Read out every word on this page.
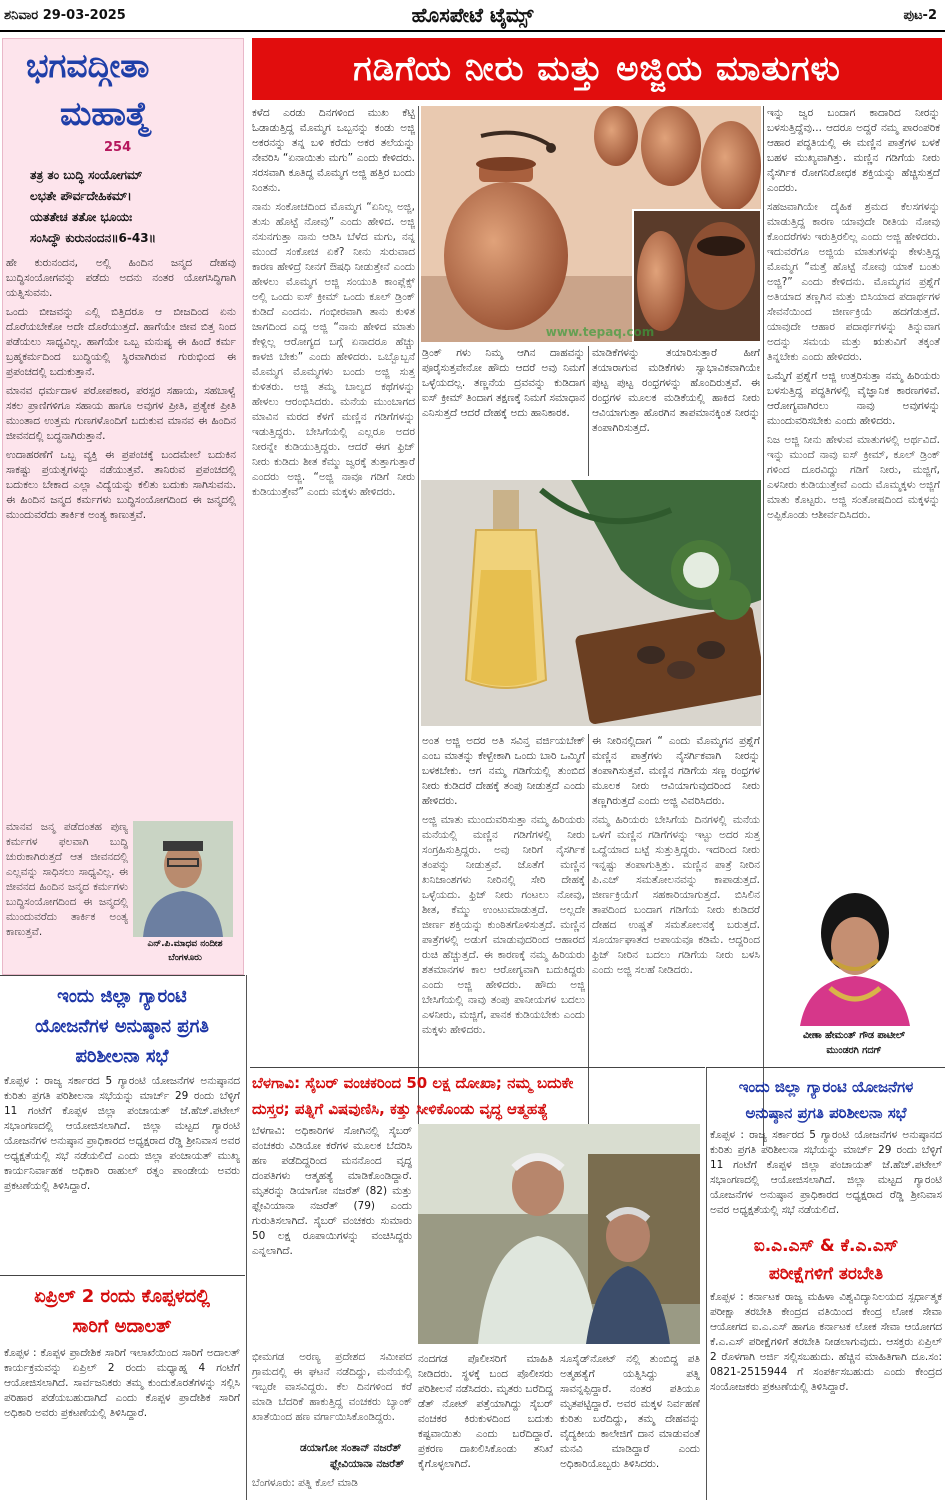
ಶನಿವಾರ 29-03-2025	ಹೊಸಪೇಟೆ ಟೈಮ್ಸ್	ಪುಟ-2
ಭಗವದ್ಗೀತಾ
ಮಹಾತ್ಮೆ
254
ತತ್ರ ತಂ ಬುದ್ಧಿ ಸಂಯೋಗಮ್
ಲಭತೇ ಪೌರ್ವದೇಹಿಕಮ್।
ಯತತೇಚ ತತೋ ಭೂಯಃ
ಸಂಸಿದ್ಧೌ ಕುರುನಂದನ॥6-43॥

ಹೇ ಕುರುನಂದನ, ಅಲ್ಲಿ ಹಿಂದಿನ ಜನ್ಮದ ದೇಹವು ಬುದ್ಧಿಸಂಯೋಗವನ್ನು ಪಡೆದು ಅದನು ನಂತರ ಯೋಗಸಿದ್ಧಿಗಾಗಿ ಯತ್ನಿಸುವನು.

ಒಂದು ಬೀಜವನ್ನು ಎಲ್ಲಿ ಬಿತ್ತಿದರೂ ಆ ಬೀಜದಿಂದ ಏನು ದೊರೆಯಬೇಕೋ ಅದೇ ದೊರೆಯುತ್ತದೆ. ಹಾಗೆಯೇ ಜೀವ ಬಿತ್ತ ನಿಂದ ಪಡೆಯಲು ಸಾಧ್ಯವಿಲ್ಲ. ಹಾಗೆಯೇ ಒಬ್ಬ ಮನುಷ್ಯ ಈ ಹಿಂದೆ ಕರ್ಮ ಬ್ರಹ್ಮಕರ್ಮದಿಂದ ಬುದ್ಧಿಯಲ್ಲಿ ಸ್ಥಿರವಾಗಿರುವ ಗುರುಭಿಂದ ಈ ಪ್ರಪಂಚದಲ್ಲಿ ಬದುಕುತ್ತಾನೆ.

ಮಾನವ ಧರ್ಮದಾಳ ಪರೋಪಕಾರ, ಪರಸ್ಪರ ಸಹಾಯ, ಸಹಬಾಳ್ವೆ ಸಕಲ ಪ್ರಾಣಿಗಳಿಗೂ ಸಹಾಯ ಹಾಗೂ ಅವುಗಳ ಪ್ರೀತಿ, ಪ್ರತ್ಯೇಕ ಪ್ರೀತಿ ಮುಂತಾದ ಉತ್ತಮ ಗುಣಗಳೊಂದಿಗೆ ಬದುಕುವ ಮಾನವ ಈ ಹಿಂದಿನ ಜೀವನದಲ್ಲಿ ಬದ್ಧನಾಗಿರುತ್ತಾನೆ.

ಉದಾಹರಣೆಗೆ ಒಬ್ಬ ವ್ಯಕ್ತಿ ಈ ಪ್ರಪಂಚಕ್ಕೆ ಬಂದಮೇಲೆ ಬದುಕಿನ ಸಾಕಷ್ಟು ಪ್ರಯತ್ನಗಳನ್ನು ನಡೆಯುತ್ತವೆ. ತಾನಿರುವ ಪ್ರಪಂಚದಲ್ಲಿ ಬದುಕಲು ಬೇಕಾದ ಎಲ್ಲಾ ವಿದ್ಯೆಯನ್ನು ಕಲಿತು ಬದುಕು ಸಾಗಿಸುವನು. ಈ ಹಿಂದಿನ ಜನ್ಮದ ಕರ್ಮಗಳು ಬುದ್ಧಿಸಂಯೋಗದಿಂದ ಈ ಜನ್ಮದಲ್ಲಿ ಮುಂದುವರೆದು ತಾರ್ಕಿಕ ಅಂತ್ಯ ಕಾಣುತ್ತವೆ.

ಮಾನವ ಜನ್ಮ ಪಡೆದಂತಹ ಪುಣ್ಯ ಕರ್ಮಗಳ ಫಲವಾಗಿ ಬುದ್ಧಿ ಚುರುಕಾಗಿರುತ್ತದೆ ಆತ ಜೀವನದಲ್ಲಿ ಎಲ್ಲವನ್ನು ಸಾಧಿಸಲು ಸಾಧ್ಯವಿಲ್ಲ. ಈ ಜೀವನದ ಹಿಂದಿನ ಜನ್ಮದ ಕರ್ಮಗಳು ಬುದ್ಧಿಸಂಯೋಗದಿಂದ ಈ ಜನ್ಮದಲ್ಲಿ ಮುಂದುವರೆದು ತಾರ್ಕಿಕ ಅಂತ್ಯ ಕಾಣುತ್ತವೆ.
ಎನ್.ಪಿ.ಮಾಧವ ನಂದೀಶ
ಬೆಂಗಳೂರು
ಗಡಿಗೆಯ ನೀರು ಮತ್ತು ಅಜ್ಜಿಯ ಮಾತುಗಳು

ಕಳೆದ ಎರಡು ದಿನಗಳಿಂದ ಮುಖ ಕೆಟ್ಟಿ ಓಡಾಡುತ್ತಿದ್ದ ಮೊಮ್ಮಗ ಒಬ್ಬನನ್ನು ಕಂಡು ಅಜ್ಜಿ ಅಕರನನ್ನು ತನ್ನ ಬಳಿ ಕರೆದು ಅಕರ ತಲೆಯನ್ನು ನೇವರಿಸಿ “ಏನಾಯಿತು ಮಗು” ಎಂದು ಕೇಳಿದರು. ಸರಸವಾಗಿ ಕೂತಿದ್ದ ಮೊಮ್ಮಗ ಅಜ್ಜಿ ಹತ್ತಿರ ಬಂದು ನಿಂತನು.

ನಾನು ಸಂಕೋಚದಿಂದ ಮೊಮ್ಮಗ “ಏನಿಲ್ಲ ಅಜ್ಜಿ, ತುಸು ಹೊಟ್ಟೆ ನೋವು” ಎಂದು ಹೇಳಿದ. ಅಜ್ಜಿ ನಸುನಗುತ್ತಾ ನಾನು ಆಡಿಸಿ ಬೆಳೆದ ಮಗು, ನನ್ನ ಮುಂದೆ ಸಂಕೋಚ ಏಕೆ? ನೀನು ಸುರುವಾದ ಕಾರಣ ಹೇಳಿದ್ರೆ ನೀನಗೆ ಔಷಧಿ ನೀಡುತ್ತೇನೆ ಎಂದು ಹೇಳಲು ಮೊಮ್ಮಗ ಅಜ್ಜಿ ಸಂಯುತಿ ಕಾಂಪ್ಲೆಕ್ಸ್ ಅಲ್ಲಿ ಒಂದು ಐಸ್ ಕ್ರೀಮ್ ಒಂದು ಕೂಲ್ ಡ್ರಿಂಕ್ ಕುಡಿದೆ ಎಂದನು. ಗಂಭೀರವಾಗಿ ತಾನು ಕುಳಿತ ಜಾಗದಿಂದ ಎದ್ದ ಅಜ್ಜಿ “ನಾನು ಹೇಳಿದ ಮಾತು ಕೇಳ್ಲಿಲ್ಲ ಆರೋಗ್ಯದ ಬಗ್ಗೆ ಏನಾದರೂ ಹೆಚ್ಚು ಕಾಳಜಿ ಬೇಕು” ಎಂದು ಹೇಳಿದರು. ಒಬ್ಬೊಬ್ಬನೆ ಮೊಮ್ಮಗ ಮೊಮ್ಮಗಳು ಬಂದು ಅಜ್ಜಿ ಸುತ್ತ ಕುಳಿತರು. ಅಜ್ಜಿ ತಮ್ಮ ಬಾಲ್ಯದ ಕಥೆಗಳನ್ನು ಹೇಳಲು ಆರಂಭಿಸಿದರು. ಮನೆಯ ಮುಂಬಾಗದ ಮಾವಿನ ಮರದ ಕೆಳಗೆ ಮಣ್ಣಿನ ಗಡಿಗೆಗಳನ್ನು ಇಡುತ್ತಿದ್ದರು. ಬೇಸಿಗೆಯಲ್ಲಿ ಎಲ್ಲರೂ ಅದರ ನೀರನ್ನೇ ಕುಡಿಯುತ್ತಿದ್ದರು. ಆದರೆ ಈಗ ಫ್ರಿಜ್ ನೀರು ಕುಡಿದು ಶೀತ ಕೆಮ್ಮು ಜ್ವರಕ್ಕೆ ತುತ್ತಾಗುತ್ತಾರೆ ಎಂದರು ಅಜ್ಜಿ. “ಅಜ್ಜಿ ನಾವೂ ಗಡಿಗೆ ನೀರು ಕುಡಿಯುತ್ತೇವೆ” ಎಂದು ಮಕ್ಕಳು ಹೇಳಿದರು.

www.tepaq.com

ಡ್ರಿಂಕ್ ಗಳು ನಿಮ್ಮ ಆಗಿನ ದಾಹವನ್ನು ಪೂರೈಸುತ್ತವೇನೋ ಹೌದು ಆದರೆ ಅವು ನಿಮಗೆ ಒಳ್ಳೆಯದಲ್ಲ. ತಣ್ಣನೆಯ ದ್ರವವನ್ನು ಕುಡಿದಾಗ ಐಸ್ ಕ್ರೀಮ್ ತಿಂದಾಗ ತಕ್ಷಣಕ್ಕೆ ನಿಮಗೆ ಸಮಾಧಾನ ಎನಿಸುತ್ತದೆ ಆದರೆ ದೇಹಕ್ಕೆ ಅದು ಹಾನಿಕಾರಕ.

ಮಾಡಿಕೆಗಳನ್ನು ತಯಾರಿಸುತ್ತಾರೆ ಹೀಗೆ ತಯಾರಾಗುವ ಮಡಿಕೆಗಳು ಸ್ವಾಭಾವಿಕವಾಗಿಯೇ ಪುಟ್ಟ ಪುಟ್ಟ ರಂಧ್ರಗಳನ್ನು ಹೊಂದಿರುತ್ತವೆ. ಈ ರಂಧ್ರಗಳ ಮೂಲಕ ಮಡಿಕೆಯಲ್ಲಿ ಹಾಕಿದ ನೀರು ಆವಿಯಾಗುತ್ತಾ ಹೊರಗಿನ ತಾಪಮಾನಕ್ಕಿಂತ ನೀರನ್ನು ತಂಪಾಗಿರಿಸುತ್ತದೆ.

ಅಂತ ಅಜ್ಜಿ ಅದರ ಅತಿ ಸವಿನ್ತ ವರ್ಜಿಯಬೇಕ್ ಎಂಬ ಮಾತನ್ನು ಕೇಳ್ಬೇಕಾಗಿ ಒಂದು ಬಾರಿ ಒಮ್ಮಿಗೆ ಬಳಕಬೇಕು. ಆಗ ನಮ್ಮ ಗಡಿಗೆಯಲ್ಲಿ ತುಂಬಿದ ನೀರು ಕುಡಿದರೆ ದೇಹಕ್ಕೆ ತಂಪು ನೀಡುತ್ತದೆ ಎಂದು ಹೇಳಿದರು.

ಅಜ್ಜಿ ಮಾತು ಮುಂದುವರಿಸುತ್ತಾ ನಮ್ಮ ಹಿರಿಯರು ಮನೆಯಲ್ಲಿ ಮಣ್ಣಿನ ಗಡಿಗೆಗಳಲ್ಲಿ ನೀರು ಸಂಗ್ರಹಿಸುತ್ತಿದ್ದರು. ಅವು ನೀರಿಗೆ ನೈಸರ್ಗಿಕ ತಂಪನ್ನು ನೀಡುತ್ತವೆ. ಜೊತೆಗೆ ಮಣ್ಣಿನ ಖನಿಜಾಂಶಗಳು ನೀರಿನಲ್ಲಿ ಸೇರಿ ದೇಹಕ್ಕೆ ಒಳ್ಳೆಯದು. ಫ್ರಿಜ್ ನೀರು ಗಂಟಲು ನೋವು, ಶೀತ, ಕೆಮ್ಮು ಉಂಟುಮಾಡುತ್ತದೆ. ಅಲ್ಲದೇ ಜೀರ್ಣ ಶಕ್ತಿಯನ್ನು ಕುಂಠಿತಗೊಳಿಸುತ್ತದೆ. ಮಣ್ಣಿನ ಪಾತ್ರೆಗಳಲ್ಲಿ ಅಡುಗೆ ಮಾಡುವುದರಿಂದ ಆಹಾರದ ರುಚಿ ಹೆಚ್ಚುತ್ತದೆ. ಈ ಕಾರಣಕ್ಕೆ ನಮ್ಮ ಹಿರಿಯರು ಶತಮಾನಗಳ ಕಾಲ ಆರೋಗ್ಯವಾಗಿ ಬದುಕಿದ್ದರು ಎಂದು ಅಜ್ಜಿ ಹೇಳಿದರು. ಹೌದು ಅಜ್ಜಿ ಬೇಸಿಗೆಯಲ್ಲಿ ನಾವು ತಂಪು ಪಾನೀಯಗಳ ಬದಲು ಎಳನೀರು, ಮಜ್ಜಿಗೆ, ಪಾನಕ ಕುಡಿಯಬೇಕು ಎಂದು ಮಕ್ಕಳು ಹೇಳಿದರು.

ಈ ನೀರಿನಲ್ಲಿದಾಗ “ ಎಂದು ಮೊಮ್ಮಗನ ಪ್ರಶ್ನೆಗೆ ಮಣ್ಣಿನ ಪಾತ್ರೆಗಳು ನೈಸರ್ಗಿಕವಾಗಿ ನೀರನ್ನು ತಂಪಾಗಿಸುತ್ತವೆ. ಮಣ್ಣಿನ ಗಡಿಗೆಯ ಸಣ್ಣ ರಂಧ್ರಗಳ ಮೂಲಕ ನೀರು ಆವಿಯಾಗುವುದರಿಂದ ನೀರು ತಣ್ಣಗಿರುತ್ತದೆ ಎಂದು ಅಜ್ಜಿ ವಿವರಿಸಿದರು.

ನಮ್ಮ ಹಿರಿಯರು ಬೇಸಿಗೆಯ ದಿನಗಳಲ್ಲಿ ಮನೆಯ ಒಳಗೆ ಮಣ್ಣಿನ ಗಡಿಗೆಗಳನ್ನು ಇಟ್ಟು ಅದರ ಸುತ್ತ ಒದ್ದೆಯಾದ ಬಟ್ಟೆ ಸುತ್ತುತ್ತಿದ್ದರು. ಇದರಿಂದ ನೀರು ಇನ್ನಷ್ಟು ತಂಪಾಗುತ್ತಿತ್ತು. ಮಣ್ಣಿನ ಪಾತ್ರೆ ನೀರಿನ ಪಿ.ಎಚ್ ಸಮತೋಲನವನ್ನು ಕಾಪಾಡುತ್ತದೆ. ಜೀರ್ಣಕ್ರಿಯೆಗೆ ಸಹಕಾರಿಯಾಗುತ್ತದೆ. ಬಿಸಿಲಿನ ತಾಪದಿಂದ ಬಂದಾಗ ಗಡಿಗೆಯ ನೀರು ಕುಡಿದರೆ ದೇಹದ ಉಷ್ಣತೆ ಸಮತೋಲನಕ್ಕೆ ಬರುತ್ತದೆ. ಸೂರ್ಯಾಘಾತದ ಅಪಾಯವೂ ಕಡಿಮೆ. ಆದ್ದರಿಂದ ಫ್ರಿಜ್ ನೀರಿನ ಬದಲು ಗಡಿಗೆಯ ನೀರು ಬಳಸಿ ಎಂದು ಅಜ್ಜಿ ಸಲಹೆ ನೀಡಿದರು.

ಇನ್ನು ಜ್ವರ ಬಂದಾಗ ಕಾದಾರಿದ ನೀರನ್ನು ಬಳಸುತ್ತಿದ್ದೆವು... ಆದರೂ ಅದ್ದರೆ ನಮ್ಮ ಪಾರಂಪರಿಕ ಆಹಾರ ಪದ್ಧತಿಯಲ್ಲಿ ಈ ಮಣ್ಣಿನ ಪಾತ್ರೆಗಳ ಬಳಕೆ ಬಹಳ ಮುಖ್ಯವಾಗಿತ್ತು. ಮಣ್ಣಿನ ಗಡಿಗೆಯ ನೀರು ನೈಸರ್ಗಿಕ ರೋಗನಿರೋಧಕ ಶಕ್ತಿಯನ್ನು ಹೆಚ್ಚಿಸುತ್ತದೆ ಎಂದರು.

ಸಹಜವಾಗಿಯೇ ದೈಹಿಕ ಶ್ರಮದ ಕೆಲಸಗಳನ್ನು ಮಾಡುತ್ತಿದ್ದ ಕಾರಣ ಯಾವುದೇ ರೀತಿಯ ನೋವು ಕೊಂದರೆಗಳು ಇರುತ್ತಿರಲಿಲ್ಲ ಎಂದು ಅಜ್ಜಿ ಹೇಳಿದರು. ಇದುವರೆಗೂ ಅಜ್ಜಿಯ ಮಾತುಗಳನ್ನು ಕೇಳುತ್ತಿದ್ದ ಮೊಮ್ಮಗ “ಮತ್ತೆ ಹೊಟ್ಟೆ ನೋವು ಯಾಕೆ ಬಂತು ಅಜ್ಜಿ?” ಎಂದು ಕೇಳಿದನು. ಮೊಮ್ಮಗನ ಪ್ರಶ್ನೆಗೆ ಅತಿಯಾದ ತಣ್ಣಗಿನ ಮತ್ತು ಬಿಸಿಯಾದ ಪದಾರ್ಥಗಳ ಸೇವನೆಯಿಂದ ಜೀರ್ಣಕ್ರಿಯೆ ಹದಗೆಡುತ್ತದೆ. ಯಾವುದೇ ಆಹಾರ ಪದಾರ್ಥಗಳನ್ನು ತಿನ್ನುವಾಗ ಅದನ್ನು ಸಮಯ ಮತ್ತು ಋತುವಿಗೆ ತಕ್ಕಂತೆ ತಿನ್ನಬೇಕು ಎಂದು ಹೇಳಿದರು.

ಒಮ್ಮೆಗೆ ಪ್ರಶ್ನೆಗೆ ಅಜ್ಜಿ ಉತ್ತರಿಸುತ್ತಾ ನಮ್ಮ ಹಿರಿಯರು ಬಳಸುತ್ತಿದ್ದ ಪದ್ಧತಿಗಳಲ್ಲಿ ವೈಜ್ಞಾನಿಕ ಕಾರಣಗಳಿವೆ. ಆರೋಗ್ಯವಾಗಿರಲು ನಾವು ಅವುಗಳನ್ನು ಮುಂದುವರಿಸಬೇಕು ಎಂದು ಹೇಳಿದರು.

ನಿಜ ಅಜ್ಜಿ ನೀನು ಹೇಳುವ ಮಾತುಗಳಲ್ಲಿ ಅರ್ಥವಿದೆ. ಇನ್ನು ಮುಂದೆ ನಾವು ಐಸ್ ಕ್ರೀಮ್, ಕೂಲ್ ಡ್ರಿಂಕ್ ಗಳಿಂದ ದೂರವಿದ್ದು ಗಡಿಗೆ ನೀರು, ಮಜ್ಜಿಗೆ, ಎಳನೀರು ಕುಡಿಯುತ್ತೇವೆ ಎಂದು ಮೊಮ್ಮಕ್ಕಳು ಅಜ್ಜಿಗೆ ಮಾತು ಕೊಟ್ಟರು. ಅಜ್ಜಿ ಸಂತೋಷದಿಂದ ಮಕ್ಕಳನ್ನು ಅಪ್ಪಿಕೊಂಡು ಆಶೀರ್ವದಿಸಿದರು.

ವೀಣಾ ಹೇಮಂತ್ ಗೌಡ ಪಾಟೀಲ್
ಮುಂಡರಗಿ ಗದಗ್
ಇಂದು ಜಿಲ್ಲಾ ಗ್ಯಾರಂಟಿ
ಯೋಜನೆಗಳ ಅನುಷ್ಠಾನ ಪ್ರಗತಿ
ಪರಿಶೀಲನಾ ಸಭೆ
ಕೊಪ್ಪಳ : ರಾಜ್ಯ ಸರ್ಕಾರದ 5 ಗ್ಯಾರಂಟಿ ಯೋಜನೆಗಳ ಅನುಷ್ಠಾನದ ಕುರಿತು ಪ್ರಗತಿ ಪರಿಶೀಲನಾ ಸಭೆಯನ್ನು ಮಾರ್ಚ್ 29 ರಂದು ಬೆಳ್ಳಿಗೆ 11 ಗಂಟೆಗೆ ಕೊಪ್ಪಳ ಜಿಲ್ಲಾ ಪಂಚಾಯತ್ ಜೆ.ಹೆಚ್.ಪಟೇಲ್ ಸಭಾಂಗಣದಲ್ಲಿ ಆಯೋಜಿಸಲಾಗಿದೆ. ಜಿಲ್ಲಾ ಮಟ್ಟದ ಗ್ಯಾರಂಟಿ ಯೋಜನೆಗಳ ಅನುಷ್ಠಾನ ಪ್ರಾಧಿಕಾರದ ಅಧ್ಯಕ್ಷರಾದ ರೆಡ್ಡಿ ಶ್ರೀನಿವಾಸ ಅವರ ಅಧ್ಯಕ್ಷತೆಯಲ್ಲಿ ಸಭೆ ನಡೆಯಲಿದೆ ಎಂದು ಜಿಲ್ಲಾ ಪಂಚಾಯತ್ ಮುಖ್ಯ ಕಾರ್ಯನಿರ್ವಾಹಕ ಅಧಿಕಾರಿ ರಾಹುಲ್ ರತ್ನಂ ಪಾಂಡೇಯ ಅವರು ಪ್ರಕಟಣೆಯಲ್ಲಿ ತಿಳಿಸಿದ್ದಾರೆ.
ಏಪ್ರಿಲ್ 2 ರಂದು ಕೊಪ್ಪಳದಲ್ಲಿ
ಸಾರಿಗೆ ಅದಾಲತ್
ಕೊಪ್ಪಳ : ಕೊಪ್ಪಳ ಪ್ರಾದೇಶಿಕ ಸಾರಿಗೆ ಇಲಾಖೆಯಿಂದ ಸಾರಿಗೆ ಅದಾಲತ್ ಕಾರ್ಯಕ್ರಮವನ್ನು ಏಪ್ರಿಲ್ 2 ರಂದು ಮಧ್ಯಾಹ್ನ 4 ಗಂಟೆಗೆ ಆಯೋಜಿಸಲಾಗಿದೆ. ಸಾರ್ವಜನಿಕರು ತಮ್ಮ ಕುಂದುಕೊರತೆಗಳನ್ನು ಸಲ್ಲಿಸಿ ಪರಿಹಾರ ಪಡೆಯಬಹುದಾಗಿದೆ ಎಂದು ಕೊಪ್ಪಳ ಪ್ರಾದೇಶಿಕ ಸಾರಿಗೆ ಅಧಿಕಾರಿ ಅವರು ಪ್ರಕಟಣೆಯಲ್ಲಿ ತಿಳಿಸಿದ್ದಾರೆ.
ಬೆಳಗಾವಿ: ಸೈಬರ್ ವಂಚಕರಿಂದ 50 ಲಕ್ಷ ದೋಖಾ; ನಮ್ಮ ಬದುಕೇ
ದುಸ್ತರ; ಪತ್ನಿಗೆ ವಿಷವುಣಿಸಿ, ಕತ್ತು ಸೀಳಿಕೊಂಡು ವೃದ್ಧ ಆತ್ಮಹತ್ಯೆ
ಬೆಳಗಾವಿ: ಅಧಿಕಾರಿಗಳ ಸೋಗಿನಲ್ಲಿ ಸೈಬರ್ ವಂಚಕರು ವಿಡಿಯೋ ಕರೆಗಳ ಮೂಲಕ ಬೆದರಿಸಿ ಹಣ ಪಡೆದಿದ್ದರಿಂದ ಮನನೊಂದ ವೃದ್ಧ ದಂಪತಿಗಳು ಆತ್ಮಹತ್ಯೆ ಮಾಡಿಕೊಂಡಿದ್ದಾರೆ. ಮೃತರನ್ನು ಡಿಯಾಗೋ ನಜರೆತ್ (82) ಮತ್ತು ಫ್ಲೇವಿಯಾನಾ ನಜರೆತ್ (79) ಎಂದು ಗುರುತಿಸಲಾಗಿದೆ. ಸೈಬರ್ ವಂಚಕರು ಸುಮಾರು 50 ಲಕ್ಷ ರೂಪಾಯಿಗಳನ್ನು ವಂಚಿಸಿದ್ದರು ಎನ್ನಲಾಗಿದೆ.
ನಂದಗಡ ಪೊಲೀಸರಿಗೆ ಮಾಹಿತಿ ನೀಡಿದರು. ಸ್ಥಳಕ್ಕೆ ಬಂದ ಪೊಲೀಸರು ಪರಿಶೀಲನೆ ನಡೆಸಿದರು. ಮೃತರು ಬರೆದಿದ್ದ ಡೆತ್ ನೋಟ್ ಪತ್ತೆಯಾಗಿದ್ದು ಸೈಬರ್ ವಂಚಕರ ಕಿರುಕುಳದಿಂದ ಬದುಕು ಕಷ್ಟವಾಯಿತು ಎಂದು ಬರೆದಿದ್ದಾರೆ. ಪ್ರಕರಣ ದಾಖಲಿಸಿಕೊಂಡು ತನಿಖೆ ಕೈಗೊಳ್ಳಲಾಗಿದೆ.
ಸೂಸೈಡ್‌ನೋಟ್ ನಲ್ಲಿ ತುಂಬಿದ್ದ ಪತಿ ಅತ್ಮಹತ್ಯೆಗೆ ಯತ್ನಿಸಿದ್ದು ಪತ್ನಿ ಸಾವನ್ನಪ್ಪಿದ್ದಾರೆ. ನಂತರ ಪತಿಯೂ ಮೃತಪಟ್ಟಿದ್ದಾರೆ. ಅವರ ಮಕ್ಕಳ ನಿರ್ವಹಣೆ ಕುರಿತು ಬರೆದಿದ್ದು, ತಮ್ಮ ದೇಹವನ್ನು ವೈದ್ಯಕೀಯ ಕಾಲೇಜಿಗೆ ದಾನ ಮಾಡುವಂತೆ ಮನವಿ ಮಾಡಿದ್ದಾರೆ ಎಂದು ಅಧಿಕಾರಿಯೊಬ್ಬರು ತಿಳಿಸಿದರು.
ಭೀಮಗಡ ಅರಣ್ಯ ಪ್ರದೇಶದ ಸಮೀಪದ ಗ್ರಾಮದಲ್ಲಿ ಈ ಘಟನೆ ನಡೆದಿದ್ದು, ಮನೆಯಲ್ಲಿ ಇಬ್ಬರೇ ವಾಸವಿದ್ದರು. ಕೆಲ ದಿನಗಳಿಂದ ಕರೆ ಮಾಡಿ ಬೆದರಿಕೆ ಹಾಕುತ್ತಿದ್ದ ವಂಚಕರು ಬ್ಯಾಂಕ್ ಖಾತೆಯಿಂದ ಹಣ ವರ್ಗಾಯಿಸಿಕೊಂಡಿದ್ದರು.
ಡಯಾಗೋ ಸಂತಾನ್ ನಜರೆತ್
ಫ್ಲೇವಿಯಾನಾ ನಜರೆತ್
ಬೆಂಗಳೂರು: ಪತ್ನಿ ಕೊಲೆ ಮಾಡಿ
ಇಂದು ಜಿಲ್ಲಾ ಗ್ಯಾರಂಟಿ ಯೋಜನೆಗಳ
ಅನುಷ್ಠಾನ ಪ್ರಗತಿ ಪರಿಶೀಲನಾ ಸಭೆ
ಕೊಪ್ಪಳ : ರಾಜ್ಯ ಸರ್ಕಾರದ 5 ಗ್ಯಾರಂಟಿ ಯೋಜನೆಗಳ ಅನುಷ್ಠಾನದ ಕುರಿತು ಪ್ರಗತಿ ಪರಿಶೀಲನಾ ಸಭೆಯನ್ನು ಮಾರ್ಚ್ 29 ರಂದು ಬೆಳ್ಳಿಗೆ 11 ಗಂಟೆಗೆ ಕೊಪ್ಪಳ ಜಿಲ್ಲಾ ಪಂಚಾಯತ್ ಜೆ.ಹೆಚ್.ಪಟೇಲ್ ಸಭಾಂಗಣದಲ್ಲಿ ಆಯೋಜಿಸಲಾಗಿದೆ. ಜಿಲ್ಲಾ ಮಟ್ಟದ ಗ್ಯಾರಂಟಿ ಯೋಜನೆಗಳ ಅನುಷ್ಠಾನ ಪ್ರಾಧಿಕಾರದ ಅಧ್ಯಕ್ಷರಾದ ರೆಡ್ಡಿ ಶ್ರೀನಿವಾಸ ಅವರ ಅಧ್ಯಕ್ಷತೆಯಲ್ಲಿ ಸಭೆ ನಡೆಯಲಿದೆ.
ಐ.ಎ.ಎಸ್ & ಕೆ.ಎ.ಎಸ್
ಪರೀಕ್ಷೆಗಳಿಗೆ ತರಬೇತಿ
ಕೊಪ್ಪಳ : ಕರ್ನಾಟಕ ರಾಜ್ಯ ಮಹಿಳಾ ವಿಶ್ವವಿದ್ಯಾನಿಲಯದ ಸ್ಪರ್ಧಾತ್ಮಕ ಪರೀಕ್ಷಾ ತರಬೇತಿ ಕೇಂದ್ರದ ವತಿಯಿಂದ ಕೇಂದ್ರ ಲೋಕ ಸೇವಾ ಆಯೋಗದ ಐ.ಎ.ಎಸ್ ಹಾಗೂ ಕರ್ನಾಟಕ ಲೋಕ ಸೇವಾ ಆಯೋಗದ ಕೆ.ಎ.ಎಸ್ ಪರೀಕ್ಷೆಗಳಿಗೆ ತರಬೇತಿ ನೀಡಲಾಗುವುದು. ಆಸಕ್ತರು ಏಪ್ರಿಲ್ 2 ರೊಳಗಾಗಿ ಅರ್ಜಿ ಸಲ್ಲಿಸಬಹುದು. ಹೆಚ್ಚಿನ ಮಾಹಿತಿಗಾಗಿ ದೂ.ಸಂ: 0821-2515944 ಗೆ ಸಂಪರ್ಕಿಸಬಹುದು ಎಂದು ಕೇಂದ್ರದ ಸಂಯೋಜಕರು ಪ್ರಕಟಣೆಯಲ್ಲಿ ತಿಳಿಸಿದ್ದಾರೆ.
